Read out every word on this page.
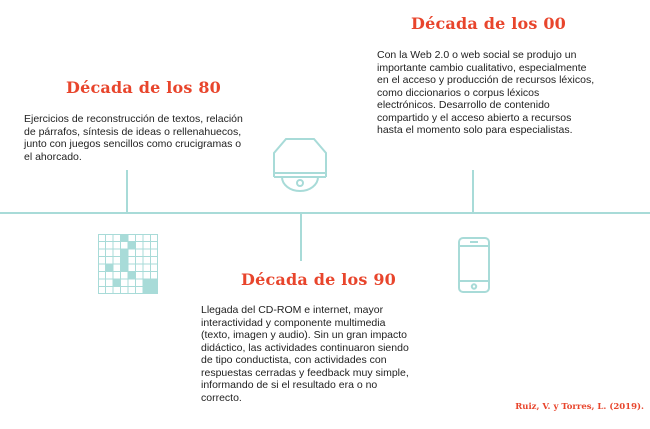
Década de los 80

Ejercicios de reconstrucción de textos, relación de párrafos, síntesis de ideas o rellenahuecos, junto con juegos sencillos como crucigramas o el ahorcado.

Década de los 00

Con la Web 2.0 o web social se produjo un importante cambio cualitativo, especialmente en el acceso y producción de recursos léxicos, como diccionarios o corpus léxicos electrónicos. Desarrollo de contenido compartido y el acceso abierto a recursos hasta el momento solo para especialistas.

Década de los 90

Llegada del CD-ROM e internet, mayor interactividad y componente multimedia (texto, imagen y audio). Sin un gran impacto didáctico, las actividades continuaron siendo de tipo conductista, con actividades con respuestas cerradas y feedback muy simple, informando de si el resultado era o no correcto.

Ruiz, V. y Torres, L. (2019).
